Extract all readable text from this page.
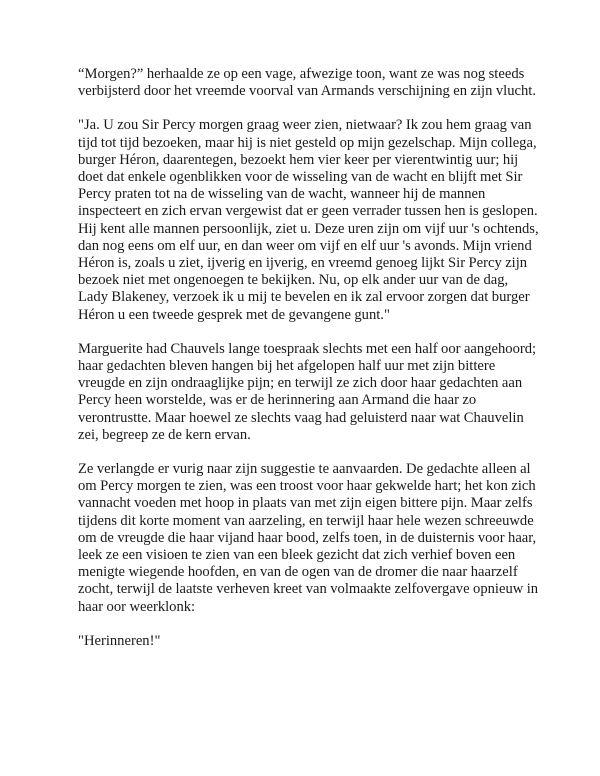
“Morgen?” herhaalde ze op een vage, afwezige toon, want ze was nog steeds verbijsterd door het vreemde voorval van Armands verschijning en zijn vlucht.

"Ja. U zou Sir Percy morgen graag weer zien, nietwaar? Ik zou hem graag van tijd tot tijd bezoeken, maar hij is niet gesteld op mijn gezelschap. Mijn collega, burger Héron, daarentegen, bezoekt hem vier keer per vierentwintig uur; hij doet dat enkele ogenblikken voor de wisseling van de wacht en blijft met Sir Percy praten tot na de wisseling van de wacht, wanneer hij de mannen inspecteert en zich ervan vergewist dat er geen verrader tussen hen is geslopen. Hij kent alle mannen persoonlijk, ziet u. Deze uren zijn om vijf uur 's ochtends, dan nog eens om elf uur, en dan weer om vijf en elf uur 's avonds. Mijn vriend Héron is, zoals u ziet, ijverig en ijverig, en vreemd genoeg lijkt Sir Percy zijn bezoek niet met ongenoegen te bekijken. Nu, op elk ander uur van de dag, Lady Blakeney, verzoek ik u mij te bevelen en ik zal ervoor zorgen dat burger Héron u een tweede gesprek met de gevangene gunt."

Marguerite had Chauvels lange toespraak slechts met een half oor aangehoord; haar gedachten bleven hangen bij het afgelopen half uur met zijn bittere vreugde en zijn ondraaglijke pijn; en terwijl ze zich door haar gedachten aan Percy heen worstelde, was er de herinnering aan Armand die haar zo verontrustte. Maar hoewel ze slechts vaag had geluisterd naar wat Chauvelin zei, begreep ze de kern ervan.

Ze verlangde er vurig naar zijn suggestie te aanvaarden. De gedachte alleen al om Percy morgen te zien, was een troost voor haar gekwelde hart; het kon zich vannacht voeden met hoop in plaats van met zijn eigen bittere pijn. Maar zelfs tijdens dit korte moment van aarzeling, en terwijl haar hele wezen schreeuwde om de vreugde die haar vijand haar bood, zelfs toen, in de duisternis voor haar, leek ze een visioen te zien van een bleek gezicht dat zich verhief boven een menigte wiegende hoofden, en van de ogen van de dromer die naar haarzelf zocht, terwijl de laatste verheven kreet van volmaakte zelfovergave opnieuw in haar oor weerklonk:

"Herinneren!"
